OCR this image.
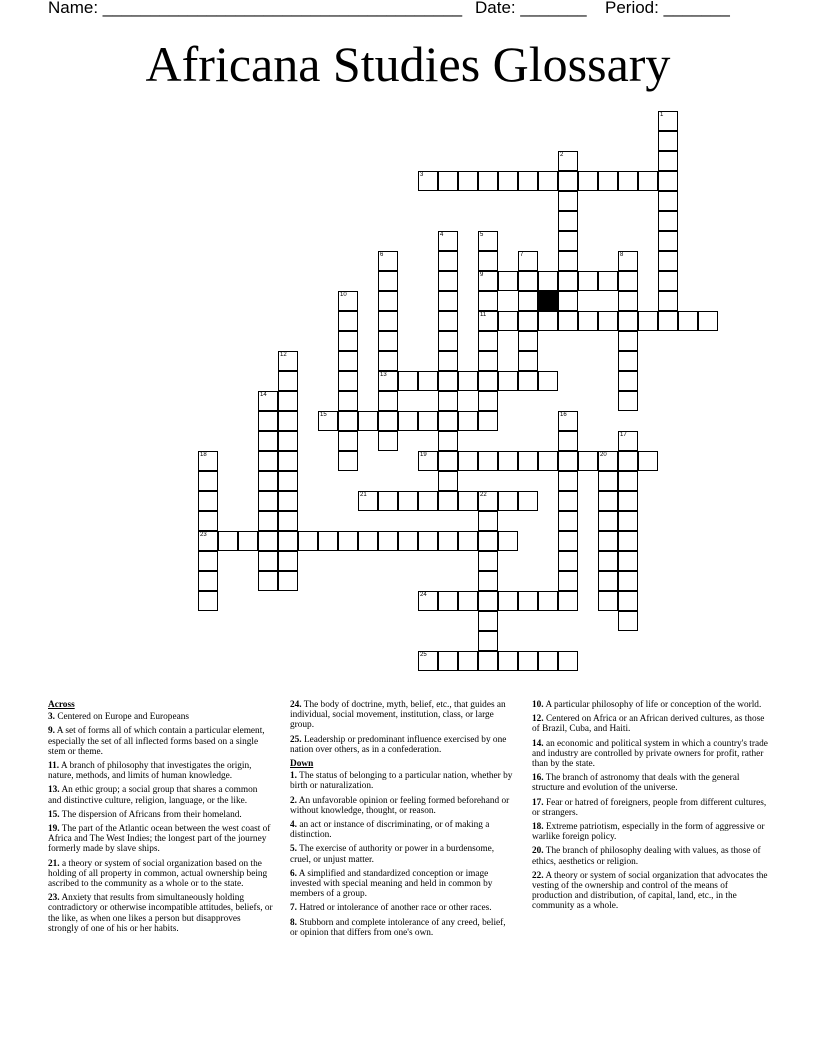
Name: ______________________________________ Date: _______ Period: _______
Africana Studies Glossary
1
2
3
4	5
9
11
6
13
7	8
10
12
14
15	16
17
18
23
19	20
21	22
24
25
Across
3. Centered on Europe and Europeans
9. A set of forms all of which contain a particular element, especially the set of all inflected forms based on a single stem or theme.
11. A branch of philosophy that investigates the origin, nature, methods, and limits of human knowledge.
13. An ethic group; a social group that shares a common and distinctive culture, religion, language, or the like.
15. The dispersion of Africans from their homeland.
19. The part of the Atlantic ocean between the west coast of Africa and The West Indies; the longest part of the journey formerly made by slave ships.
21. a theory or system of social organization based on the holding of all property in common, actual ownership being ascribed to the community as a whole or to the state.
23. Anxiety that results from simultaneously holding contradictory or otherwise incompatible attitudes, beliefs, or the like, as when one likes a person but disapproves strongly of one of his or her habits.
24. The body of doctrine, myth, belief, etc., that guides an individual, social movement, institution, class, or large group.
25. Leadership or predominant influence exercised by one nation over others, as in a confederation.
Down
1. The status of belonging to a particular nation, whether by birth or naturalization.
2. An unfavorable opinion or feeling formed beforehand or without knowledge, thought, or reason.
4. an act or instance of discriminating, or of making a distinction.
5. The exercise of authority or power in a burdensome, cruel, or unjust matter.
6. A simplified and standardized conception or image invested with special meaning and held in common by members of a group.
7. Hatred or intolerance of another race or other races.
8. Stubborn and complete intolerance of any creed, belief, or opinion that differs from one's own.
10. A particular philosophy of life or conception of the world.
12. Centered on Africa or an African derived cultures, as those of Brazil, Cuba, and Haiti.
14. an economic and political system in which a country's trade and industry are controlled by private owners for profit, rather than by the state.
16. The branch of astronomy that deals with the general structure and evolution of the universe.
17. Fear or hatred of foreigners, people from different cultures, or strangers.
18. Extreme patriotism, especially in the form of aggressive or warlike foreign policy.
20. The branch of philosophy dealing with values, as those of ethics, aesthetics or religion.
22. A theory or system of social organization that advocates the vesting of the ownership and control of the means of production and distribution, of capital, land, etc., in the community as a whole.
